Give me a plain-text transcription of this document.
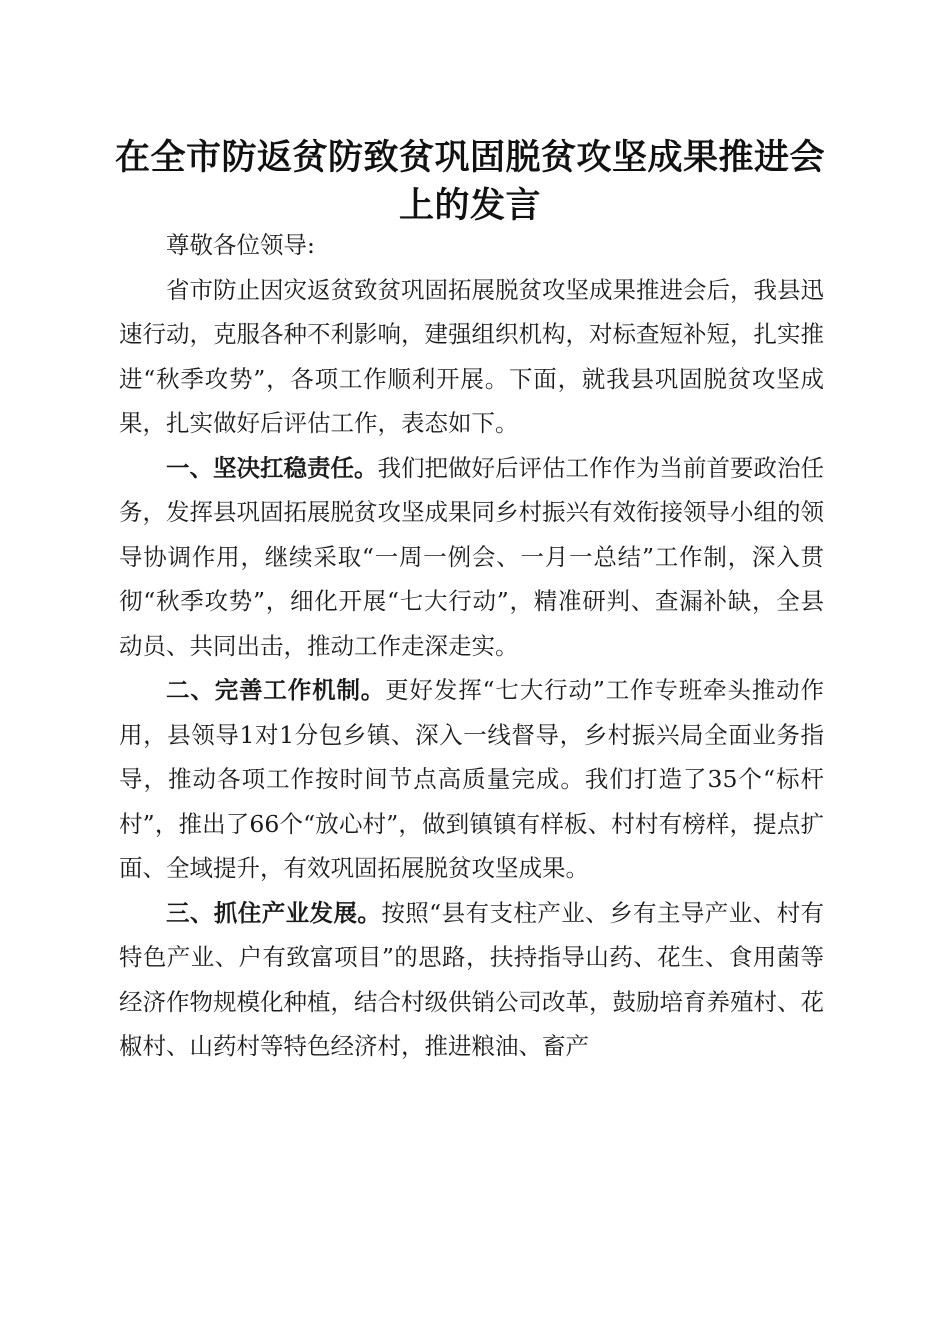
在全市防返贫防致贫巩固脱贫攻坚成果推进会上的发言

尊敬各位领导:

省市防止因灾返贫致贫巩固拓展脱贫攻坚成果推进会后，我县迅速行动，克服各种不利影响，建强组织机构，对标查短补短，扎实推进“秋季攻势”，各项工作顺利开展。下面，就我县巩固脱贫攻坚成果，扎实做好后评估工作，表态如下。

一、坚决扛稳责任。我们把做好后评估工作作为当前首要政治任务，发挥县巩固拓展脱贫攻坚成果同乡村振兴有效衔接领导小组的领导协调作用，继续采取“一周一例会、一月一总结”工作制，深入贯彻“秋季攻势”，细化开展“七大行动”，精准研判、查漏补缺，全县动员、共同出击，推动工作走深走实。

二、完善工作机制。更好发挥“七大行动”工作专班牵头推动作用，县领导1对1分包乡镇、深入一线督导，乡村振兴局全面业务指导，推动各项工作按时间节点高质量完成。我们打造了35个“标杆村”，推出了66个“放心村”，做到镇镇有样板、村村有榜样，提点扩面、全域提升，有效巩固拓展脱贫攻坚成果。

三、抓住产业发展。按照“县有支柱产业、乡有主导产业、村有特色产业、户有致富项目”的思路，扶持指导山药、花生、食用菌等经济作物规模化种植，结合村级供销公司改革，鼓励培育养殖村、花椒村、山药村等特色经济村，推进粮油、畜产
